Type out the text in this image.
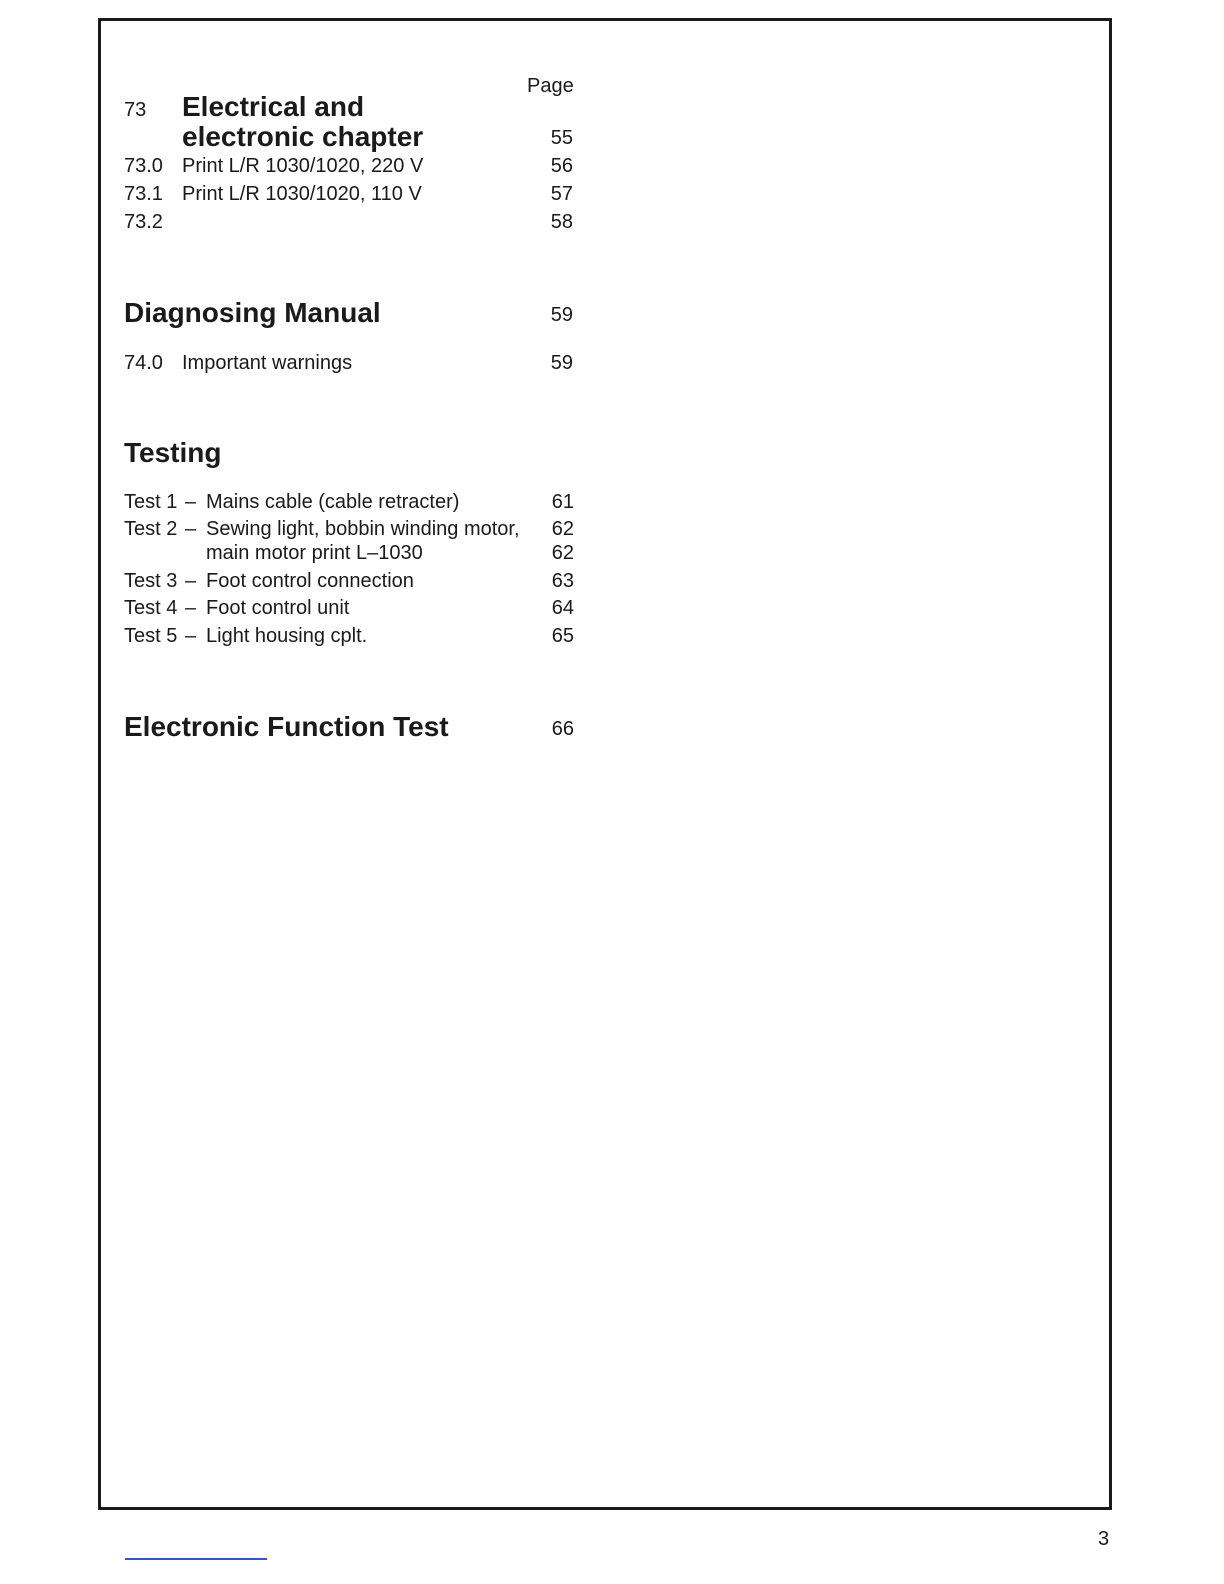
Page
73 Electrical and
electronic chapter	55
73.0 Print L/R 1030/1020, 220 V	56
73.1 Print L/R 1030/1020, 110 V	57
73.2	58
Diagnosing Manual	59
74.0 Important warnings	59
Testing
Test 1 – Mains cable (cable retracter)	61
Test 2 – Sewing light, bobbin winding motor,	62
main motor print L–1030	62
Test 3 – Foot control connection	63
Test 4 – Foot control unit	64
Test 5 – Light housing cplt.	65
Electronic Function Test	66
3
